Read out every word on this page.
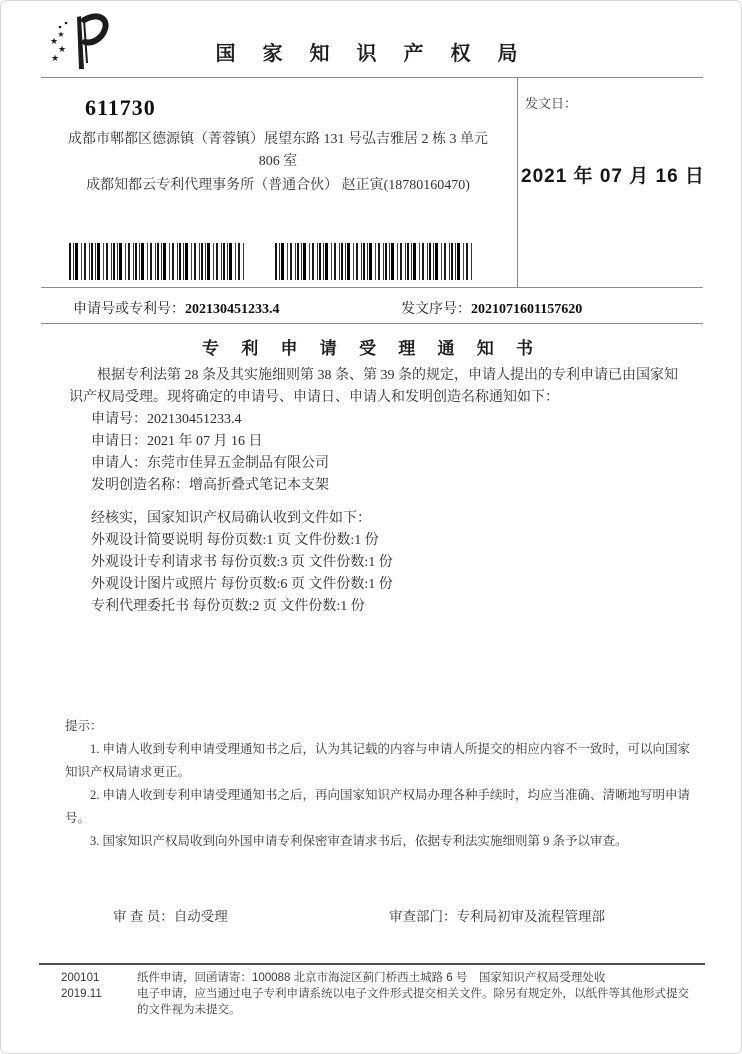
★
★
★
★	国 家 知 识 产 权 局
611730
成都市郫都区德源镇（菁蓉镇）展望东路 131 号弘吉雅居 2 栋 3 单元
806 室
成都知都云专利代理事务所（普通合伙） 赵正寅(18780160470)
发文日：
2021 年 07 月 16 日
申请号或专利号：202130451233.4	发文序号：2021071601157620
专 利 申 请 受 理 通 知 书

根据专利法第 28 条及其实施细则第 38 条、第 39 条的规定，申请人提出的专利申请已由国家知识产权局受理。现将确定的申请号、申请日、申请人和发明创造名称通知如下：

申请号：202130451233.4
申请日：2021 年 07 月 16 日
申请人：东莞市佳昇五金制品有限公司
发明创造名称：增高折叠式笔记本支架
经核实，国家知识产权局确认收到文件如下：
外观设计简要说明 每份页数:1 页 文件份数:1 份
外观设计专利请求书 每份页数:3 页 文件份数:1 份
外观设计图片或照片 每份页数:6 页 文件份数:1 份
专利代理委托书 每份页数:2 页 文件份数:1 份
提示：

1. 申请人收到专利申请受理通知书之后，认为其记载的内容与申请人所提交的相应内容不一致时，可以向国家知识产权局请求更正。

2. 申请人收到专利申请受理通知书之后，再向国家知识产权局办理各种手续时，均应当准确、清晰地写明申请号。

3. 国家知识产权局收到向外国申请专利保密审查请求书后，依据专利法实施细则第 9 条予以审查。

审 查 员：自动受理	审查部门：专利局初审及流程管理部
200101
2019.11
纸件申请，回函请寄：100088 北京市海淀区蓟门桥西土城路 6 号　国家知识产权局受理处收
电子申请，应当通过电子专利申请系统以电子文件形式提交相关文件。除另有规定外，以纸件等其他形式提交的文件视为未提交。
